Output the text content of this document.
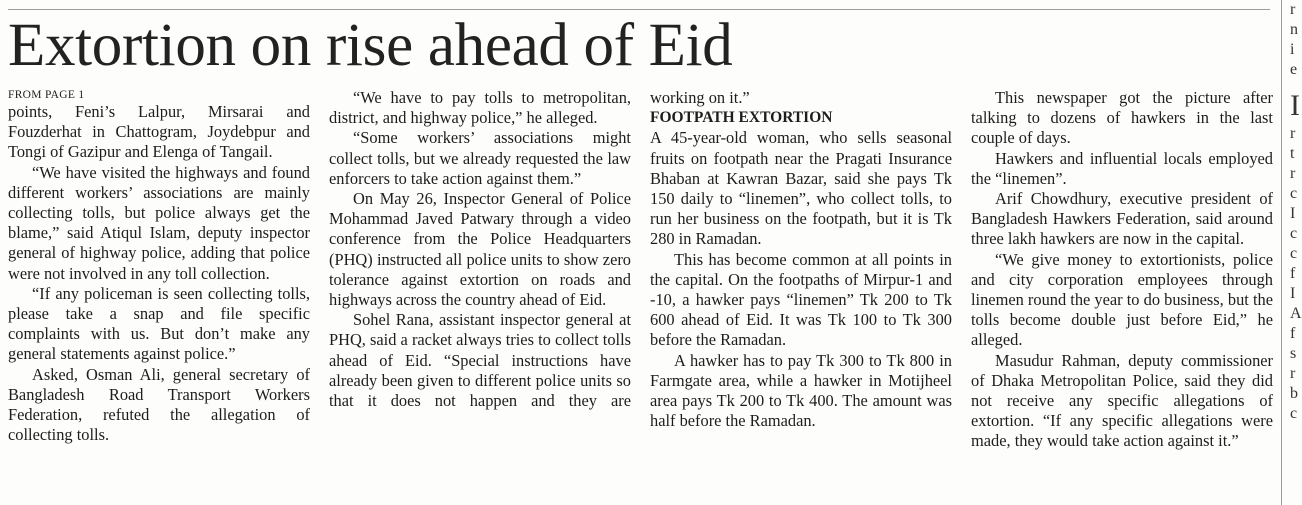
Extortion on rise ahead of Eid
FROM PAGE 1

points, Feni’s Lalpur, Mirsarai and Fouzderhat in Chattogram, Joydebpur and Tongi of Gazipur and Elenga of Tangail.

“We have visited the highways and found different workers’ associations are mainly collecting tolls, but police always get the blame,” said Atiqul Islam, deputy inspector general of highway police, adding that police were not involved in any toll collection.

“If any policeman is seen collecting tolls, please take a snap and file specific complaints with us. But don’t make any general statements against police.”

Asked, Osman Ali, general secretary of Bangladesh Road Transport Workers Federation, refuted the allegation of collecting tolls.

“We have to pay tolls to metropolitan, district, and highway police,” he alleged.

“Some workers’ associations might collect tolls, but we already requested the law enforcers to take action against them.”

On May 26, Inspector General of Police Mohammad Javed Patwary through a video conference from the Police Headquarters (PHQ) instructed all police units to show zero tolerance against extortion on roads and highways across the country ahead of Eid.

Sohel Rana, assistant inspector general at PHQ, said a racket always tries to collect tolls ahead of Eid. “Special instructions have already been given to different police units so that it does not happen and they are

working on it.”

FOOTPATH EXTORTION

A 45-year-old woman, who sells seasonal fruits on footpath near the Pragati Insurance Bhaban at Kawran Bazar, said she pays Tk 150 daily to “linemen”, who collect tolls, to run her business on the footpath, but it is Tk 280 in Ramadan.

This has become common at all points in the capital. On the footpaths of Mirpur-1 and -10, a hawker pays “linemen” Tk 200 to Tk 600 ahead of Eid. It was Tk 100 to Tk 300 before the Ramadan.

A hawker has to pay Tk 300 to Tk 800 in Farmgate area, while a hawker in Motijheel area pays Tk 200 to Tk 400. The amount was half before the Ramadan.

This newspaper got the picture after talking to dozens of hawkers in the last couple of days.

Hawkers and influential locals employed the “linemen”.

Arif Chowdhury, executive president of Bangladesh Hawkers Federation, said around three lakh hawkers are now in the capital.

“We give money to extortionists, police and city corporation employees through linemen round the year to do business, but the tolls become double just before Eid,” he alleged.

Masudur Rahman, deputy commissioner of Dhaka Metropolitan Police, said they did not receive any specific allegations of extortion. “If any specific allegations were made, they would take action against it.”

r
n
i
e
I
r
t
r
c
I
c
c
f
I
A
f
s
r
b
c
